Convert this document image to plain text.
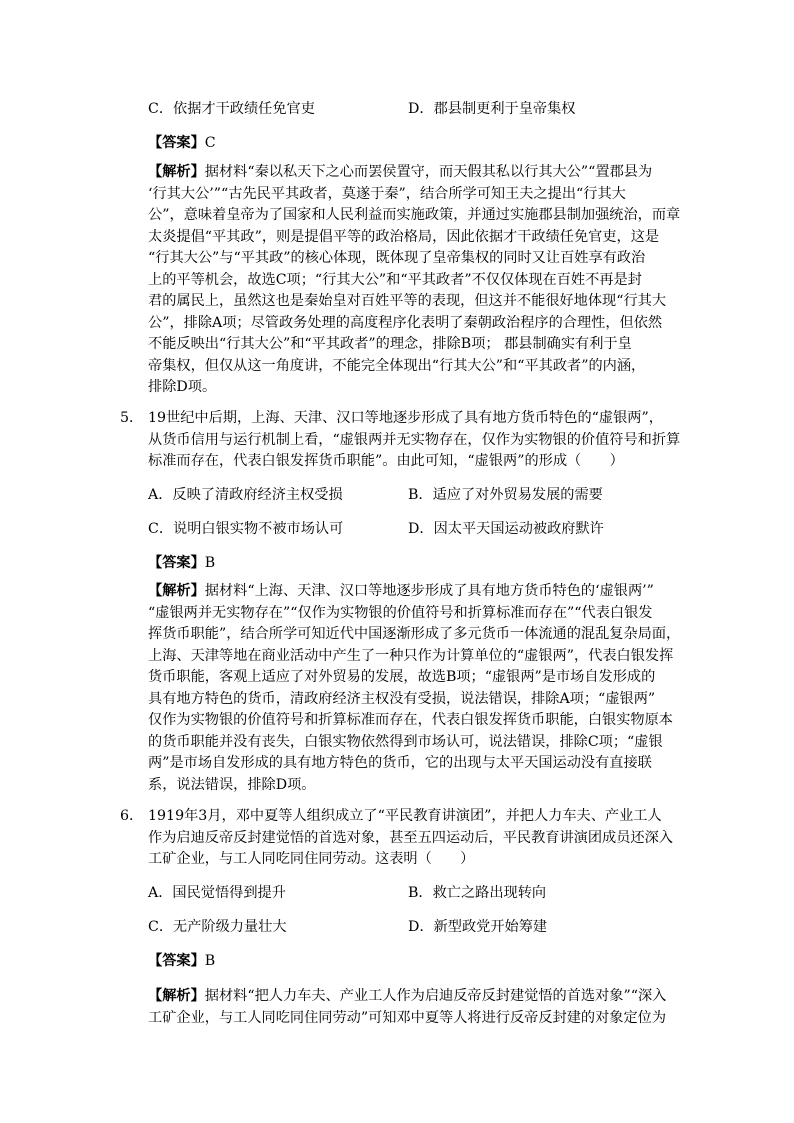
C．依据才干政绩任免官吏	D．郡县制更利于皇帝集权
【答案】C
【解析】据材料“秦以私天下之心而罢侯置守，而天假其私以行其大公”“置郡县为
‘行其大公’”“古先民平其政者，莫遂于秦”，结合所学可知王夫之提出“行其大
公”，意味着皇帝为了国家和人民利益而实施政策，并通过实施郡县制加强统治，而章
太炎提倡“平其政”，则是提倡平等的政治格局，因此依据才干政绩任免官吏，这是
“行其大公”与“平其政”的核心体现，既体现了皇帝集权的同时又让百姓享有政治
上的平等机会，故选C项；“行其大公”和“平其政者”不仅仅体现在百姓不再是封
君的属民上，虽然这也是秦始皇对百姓平等的表现，但这并不能很好地体现“行其大
公”，排除A项；尽管政务处理的高度程序化表明了秦朝政治程序的合理性，但依然
不能反映出“行其大公”和“平其政者”的理念，排除B项； 郡县制确实有利于皇
帝集权，但仅从这一角度讲，不能完全体现出“行其大公”和“平其政者”的内涵，
排除D项。
5． 19世纪中后期，上海、天津、汉口等地逐步形成了具有地方货币特色的“虚银两”，
从货币信用与运行机制上看，“虚银两并无实物存在，仅作为实物银的价值符号和折算
标准而存在，代表白银发挥货币职能”。由此可知，“虚银两”的形成（　　）
A．反映了清政府经济主权受损	B．适应了对外贸易发展的需要
C．说明白银实物不被市场认可	D．因太平天国运动被政府默许
【答案】B
【解析】据材料“上海、天津、汉口等地逐步形成了具有地方货币特色的‘虚银两’”
“虚银两并无实物存在”“仅作为实物银的价值符号和折算标准而存在”“代表白银发
挥货币职能”，结合所学可知近代中国逐渐形成了多元货币一体流通的混乱复杂局面，
上海、天津等地在商业活动中产生了一种只作为计算单位的“虚银两”，代表白银发挥
货币职能，客观上适应了对外贸易的发展，故选B项；“虚银两”是市场自发形成的
具有地方特色的货币，清政府经济主权没有受损，说法错误，排除A项；“虚银两”
仅作为实物银的价值符号和折算标准而存在，代表白银发挥货币职能，白银实物原本
的货币职能并没有丧失，白银实物依然得到市场认可，说法错误，排除C项；“虚银
两”是市场自发形成的具有地方特色的货币，它的出现与太平天国运动没有直接联
系，说法错误，排除D项。
6． 1919年3月，邓中夏等人组织成立了“平民教育讲演团”，并把人力车夫、产业工人
作为启迪反帝反封建觉悟的首选对象，甚至五四运动后，平民教育讲演团成员还深入
工矿企业，与工人同吃同住同劳动。这表明（　　）
A．国民觉悟得到提升	B．救亡之路出现转向
C．无产阶级力量壮大	D．新型政党开始筹建
【答案】B
【解析】据材料“把人力车夫、产业工人作为启迪反帝反封建觉悟的首选对象”“深入
工矿企业，与工人同吃同住同劳动”可知邓中夏等人将进行反帝反封建的对象定位为
